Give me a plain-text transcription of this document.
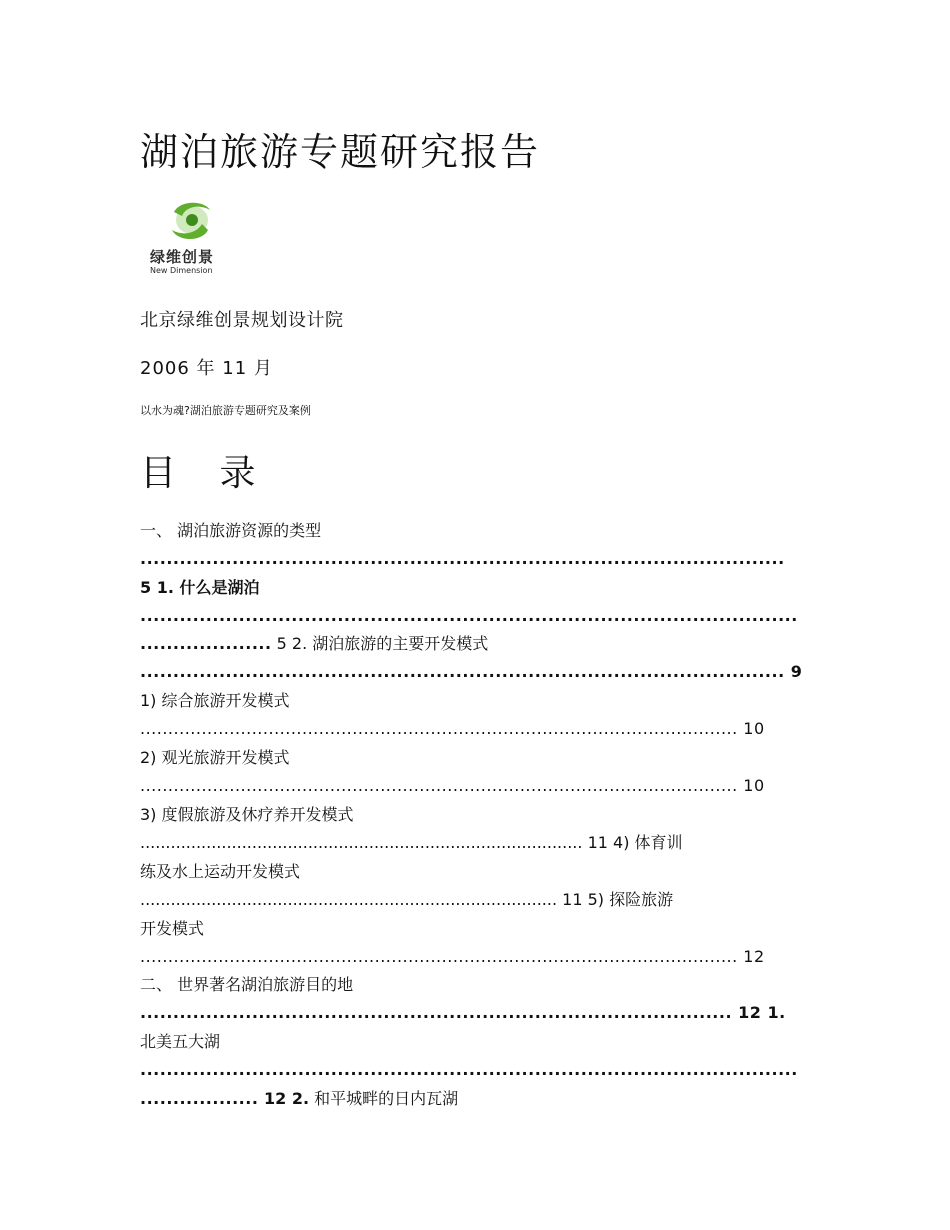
湖泊旅游专题研究报告
绿维创景
New Dimension
北京绿维创景规划设计院
2006 年 11 月
以水为魂?湖泊旅游专题研究及案例
目 录
一、 湖泊旅游资源的类型
..................................................................................................
5 1. 什么是湖泊
....................................................................................................
.................... 5 2. 湖泊旅游的主要开发模式
.................................................................................................. 9
1) 综合旅游开发模式
........................................................................................................... 10
2) 观光旅游开发模式
........................................................................................................... 10
3) 度假旅游及休疗养开发模式
....................................................................................... 11 4) 体育训
练及水上运动开发模式
.................................................................................. 11 5) 探险旅游
开发模式
........................................................................................................... 12
二、 世界著名湖泊旅游目的地
.......................................................................................... 12 1.
北美五大湖
....................................................................................................
.................. 12 2. 和平城畔的日内瓦湖
